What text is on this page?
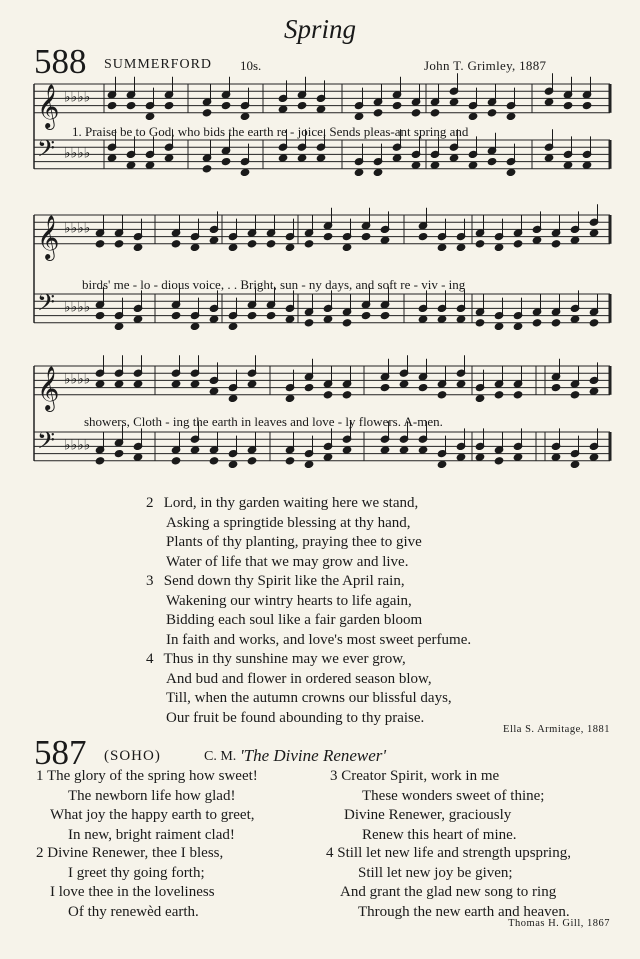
Spring
588 SUMMERFORD 10s.	John T. Grimley, 1887
𝄞 ♭♭♭♭
𝄢 ♭♭♭♭
𝄞 ♭♭♭♭
𝄢 ♭♭♭♭
𝄞 ♭♭♭♭
𝄢 ♭♭♭♭
1. Praise be to God, who bids the earth re - joice, Sends pleas-ant spring and
birds' me - lo - dious voice, . . Bright, sun - ny days, and soft re - viv - ing
showers, Cloth - ing the earth in leaves and love - ly flowers. A-men.
2 Lord, in thy garden waiting here we stand,
Asking a springtide blessing at thy hand,
Plants of thy planting, praying thee to give
Water of life that we may grow and live.
3 Send down thy Spirit like the April rain,
Wakening our wintry hearts to life again,
Bidding each soul like a fair garden bloom
In faith and works, and love's most sweet perfume.
4 Thus in thy sunshine may we ever grow,
And bud and flower in ordered season blow,
Till, when the autumn crowns our blissful days,
Our fruit be found abounding to thy praise.
Ella S. Armitage, 1881
587 (SOHO)	C. M. 'The Divine Renewer'
1 The glory of the spring how sweet!
The newborn life how glad!
What joy the happy earth to greet,
In new, bright raiment clad!
2 Divine Renewer, thee I bless,
I greet thy going forth;
I love thee in the loveliness
Of thy renewèd earth.
3 Creator Spirit, work in me
These wonders sweet of thine;
Divine Renewer, graciously
Renew this heart of mine.
4 Still let new life and strength upspring,
Still let new joy be given;
And grant the glad new song to ring
Through the new earth and heaven.
Thomas H. Gill, 1867
